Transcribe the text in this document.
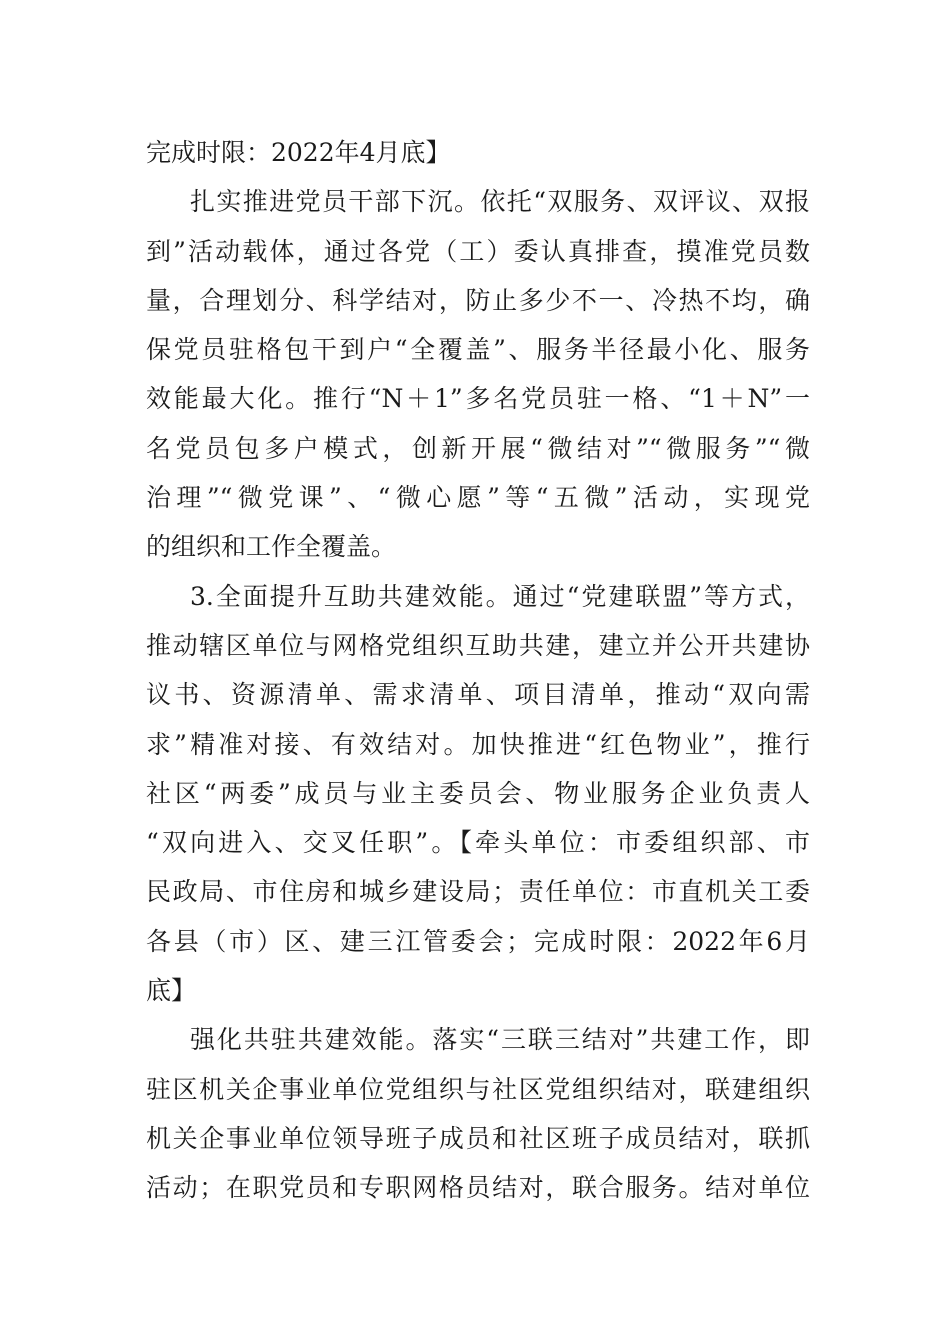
完成时限：2022年4月底】
扎实推进党员干部下沉。依托“双服务、双评议、双报
到”活动载体，通过各党（工）委认真排查，摸准党员数
量，合理划分、科学结对，防止多少不一、冷热不均，确
保党员驻格包干到户“全覆盖”、服务半径最小化、服务
效能最大化。推行“N＋1”多名党员驻一格、“1＋N”一
名党员包多户模式，创新开展“微结对”“微服务”“微
治理”“微党课”、“微心愿”等“五微”活动，实现党
的组织和工作全覆盖。
3.全面提升互助共建效能。通过“党建联盟”等方式，
推动辖区单位与网格党组织互助共建，建立并公开共建协
议书、资源清单、需求清单、项目清单，推动“双向需
求”精准对接、有效结对。加快推进“红色物业”，推行
社区“两委”成员与业主委员会、物业服务企业负责人
“双向进入、交叉任职”。【牵头单位：市委组织部、市
民政局、市住房和城乡建设局；责任单位：市直机关工委
各县（市）区、建三江管委会；完成时限：2022年6月
底】
强化共驻共建效能。落实“三联三结对”共建工作，即
驻区机关企事业单位党组织与社区党组织结对，联建组织
机关企事业单位领导班子成员和社区班子成员结对，联抓
活动；在职党员和专职网格员结对，联合服务。结对单位
